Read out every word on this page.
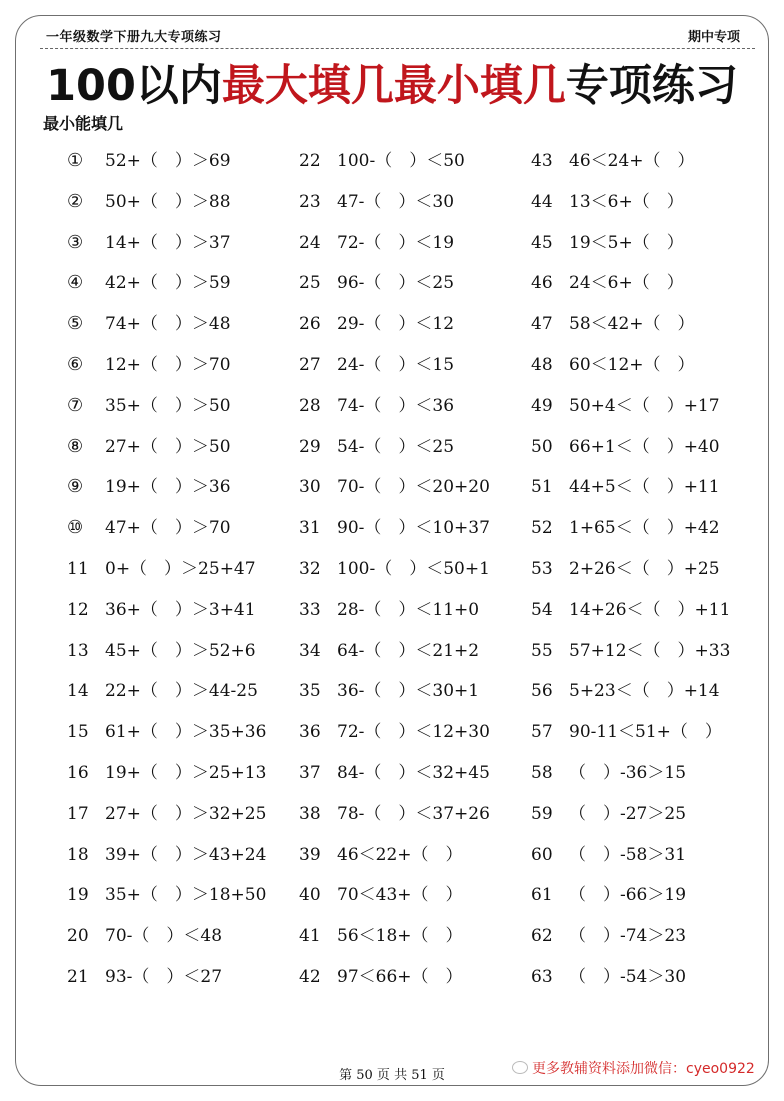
一年级数学下册九大专项练习	期中专项
100以内最大填几最小填几专项练习
最小能填几
① 52+（　）＞69
② 50+（　）＞88
③ 14+（　）＞37
④ 42+（　）＞59
⑤ 74+（　）＞48
⑥ 12+（　）＞70
⑦ 35+（　）＞50
⑧ 27+（　）＞50
⑨ 19+（　）＞36
⑩ 47+（　）＞70
11 0+（　）＞25+47
12 36+（　）＞3+41
13 45+（　）＞52+6
14 22+（　）＞44-25
15 61+（　）＞35+36
16 19+（　）＞25+13
17 27+（　）＞32+25
18 39+（　）＞43+24
19 35+（　）＞18+50
20 70-（　）＜48
21 93-（　）＜27
22 100-（　）＜50
23 47-（　）＜30
24 72-（　）＜19
25 96-（　）＜25
26 29-（　）＜12
27 24-（　）＜15
28 74-（　）＜36
29 54-（　）＜25
30 70-（　）＜20+20
31 90-（　）＜10+37
32 100-（　）＜50+1
33 28-（　）＜11+0
34 64-（　）＜21+2
35 36-（　）＜30+1
36 72-（　）＜12+30
37 84-（　）＜32+45
38 78-（　）＜37+26
39 46＜22+（　）
40 70＜43+（　）
41 56＜18+（　）
42 97＜66+（　）
43 46＜24+（　）
44 13＜6+（　）
45 19＜5+（　）
46 24＜6+（　）
47 58＜42+（　）
48 60＜12+（　）
49 50+4＜（　）+17
50 66+1＜（　）+40
51 44+5＜（　）+11
52 1+65＜（　）+42
53 2+26＜（　）+25
54 14+26＜（　）+11
55 57+12＜（　）+33
56 5+23＜（　）+14
57 90-11＜51+（　）
58 （　）-36＞15
59 （　）-27＞25
60 （　）-58＞31
61 （　）-66＞19
62 （　）-74＞23
63 （　）-54＞30
第 50 页 共 51 页	更多教辅资料添加微信：cyeo0922
